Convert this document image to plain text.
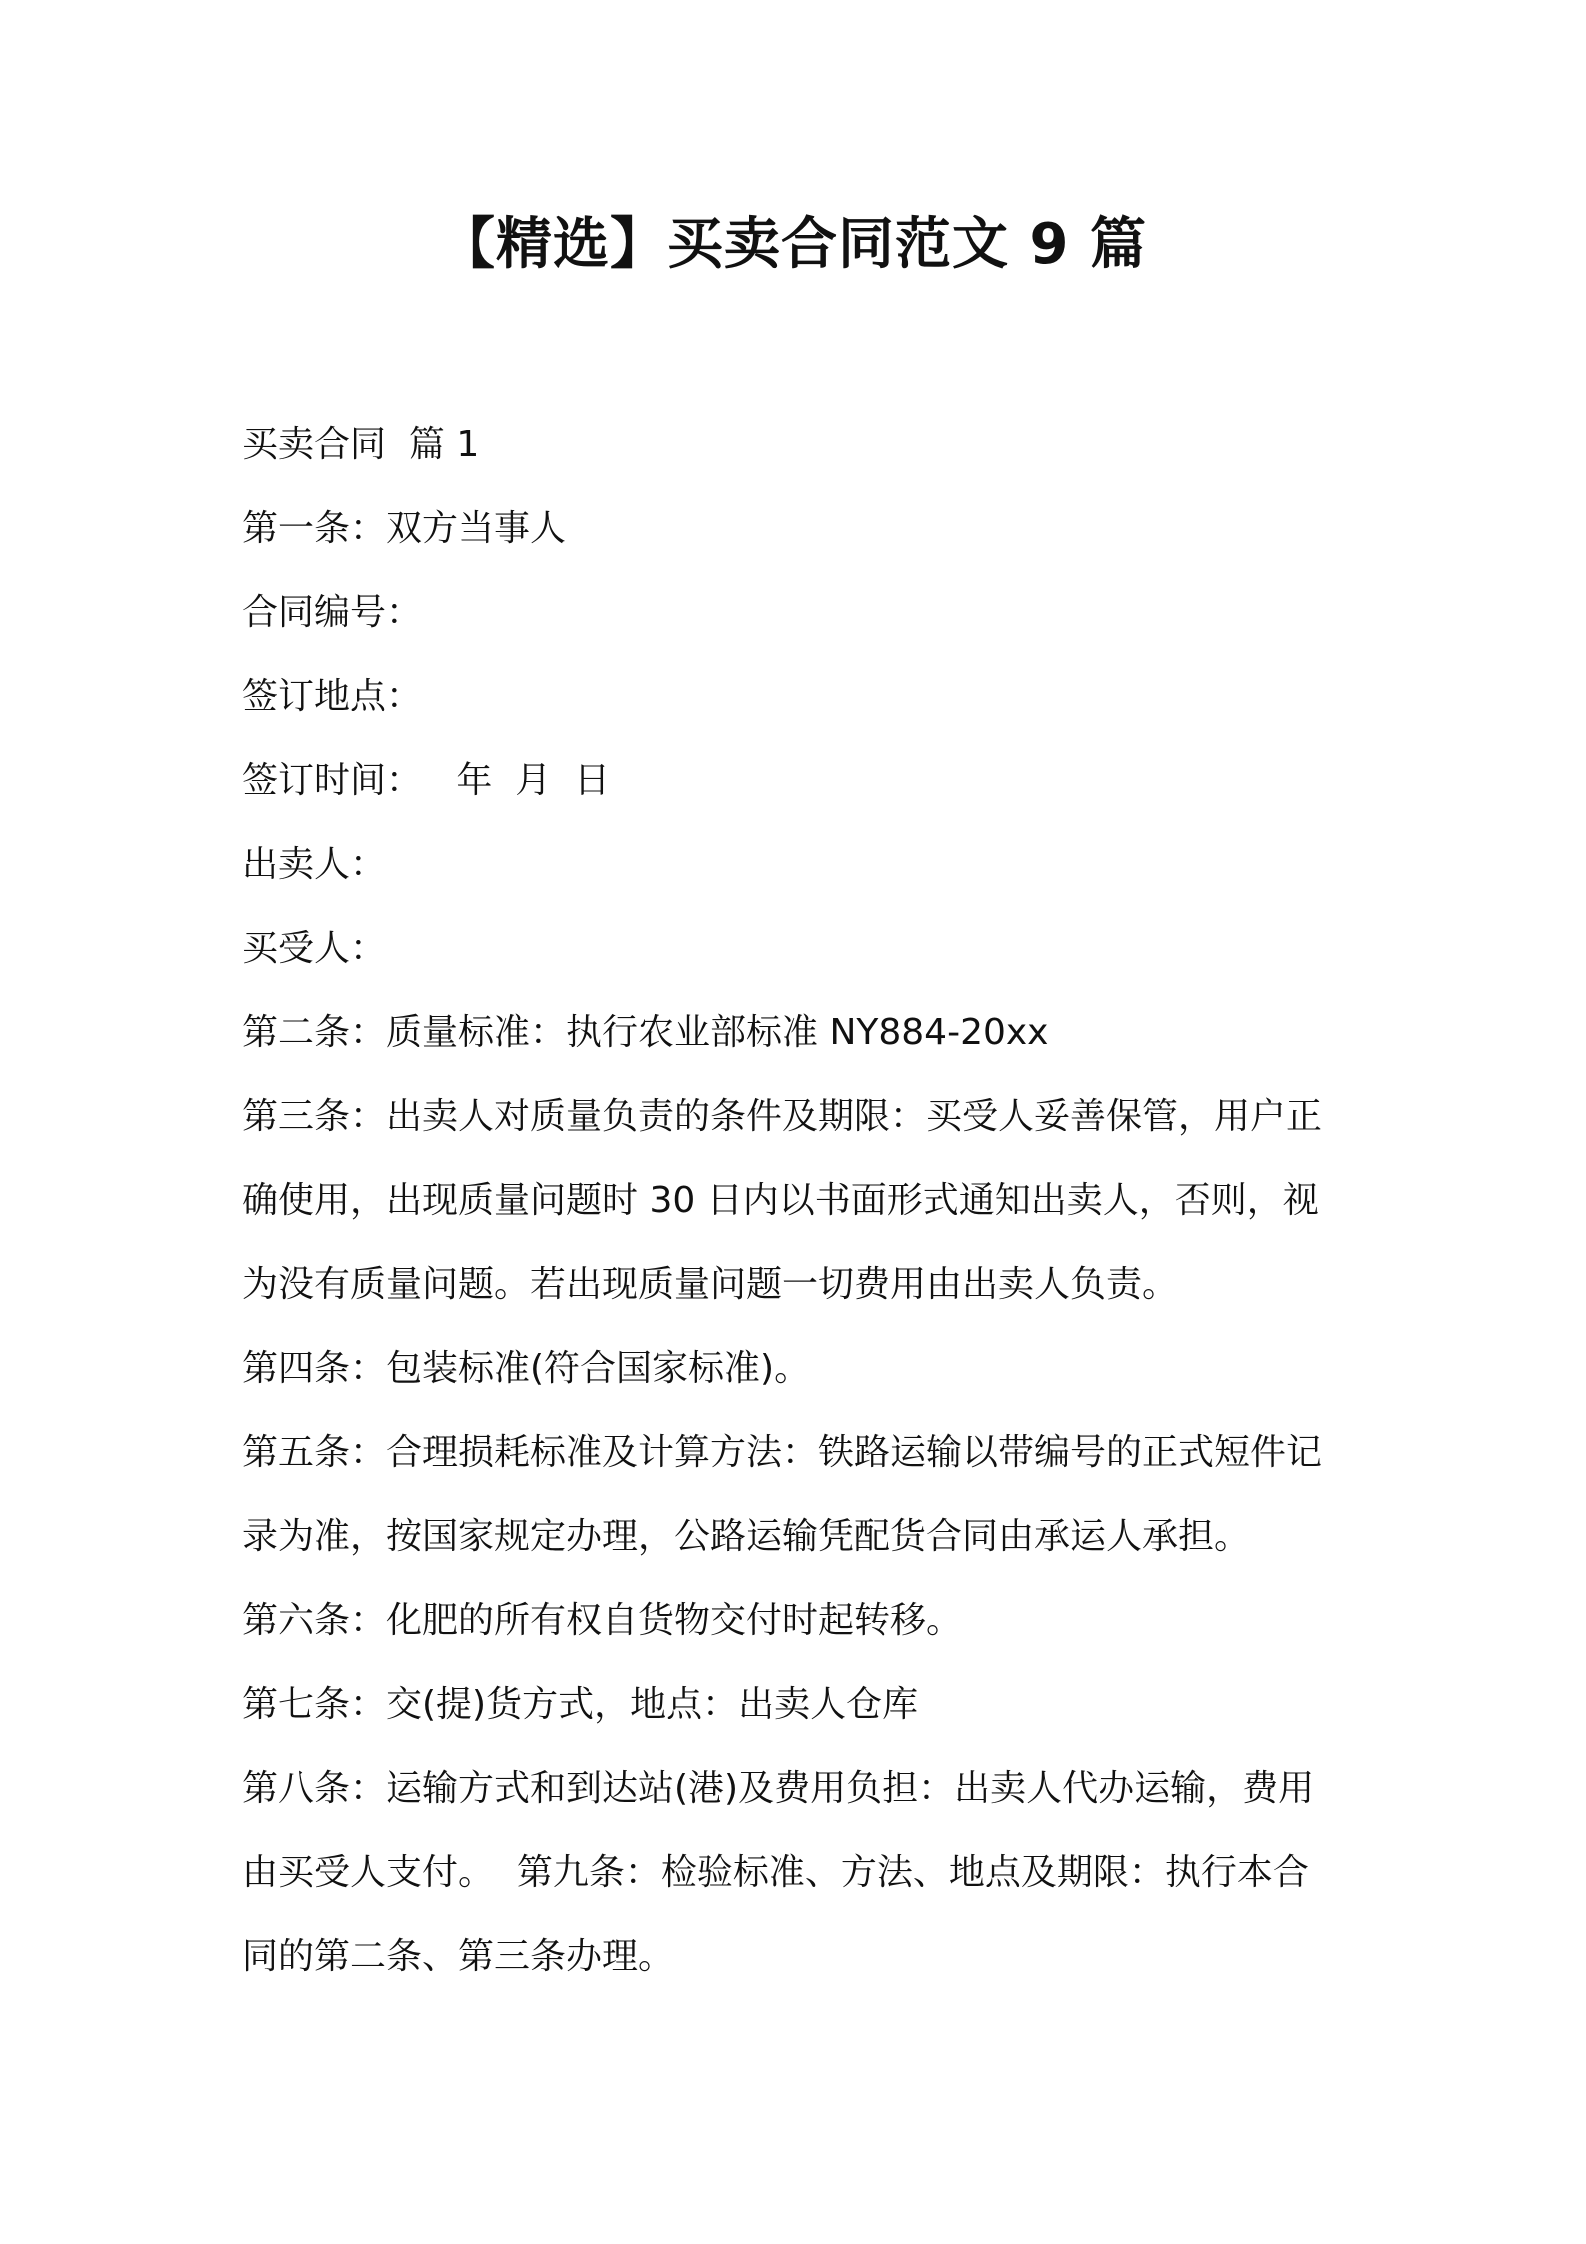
【精选】买卖合同范文 9 篇
买卖合同  篇 1
第一条：双方当事人
合同编号：
签订地点：
签订时间：   年  月  日
出卖人：
买受人：
第二条：质量标准：执行农业部标准 NY884-20xx
第三条：出卖人对质量负责的条件及期限：买受人妥善保管，用户正
确使用，出现质量问题时 30 日内以书面形式通知出卖人，否则，视
为没有质量问题。若出现质量问题一切费用由出卖人负责。
第四条：包装标准(符合国家标准)。
第五条：合理损耗标准及计算方法：铁路运输以带编号的正式短件记
录为准，按国家规定办理，公路运输凭配货合同由承运人承担。
第六条：化肥的所有权自货物交付时起转移。
第七条：交(提)货方式，地点：出卖人仓库
第八条：运输方式和到达站(港)及费用负担：出卖人代办运输，费用
由买受人支付。  第九条：检验标准、方法、地点及期限：执行本合
同的第二条、第三条办理。
